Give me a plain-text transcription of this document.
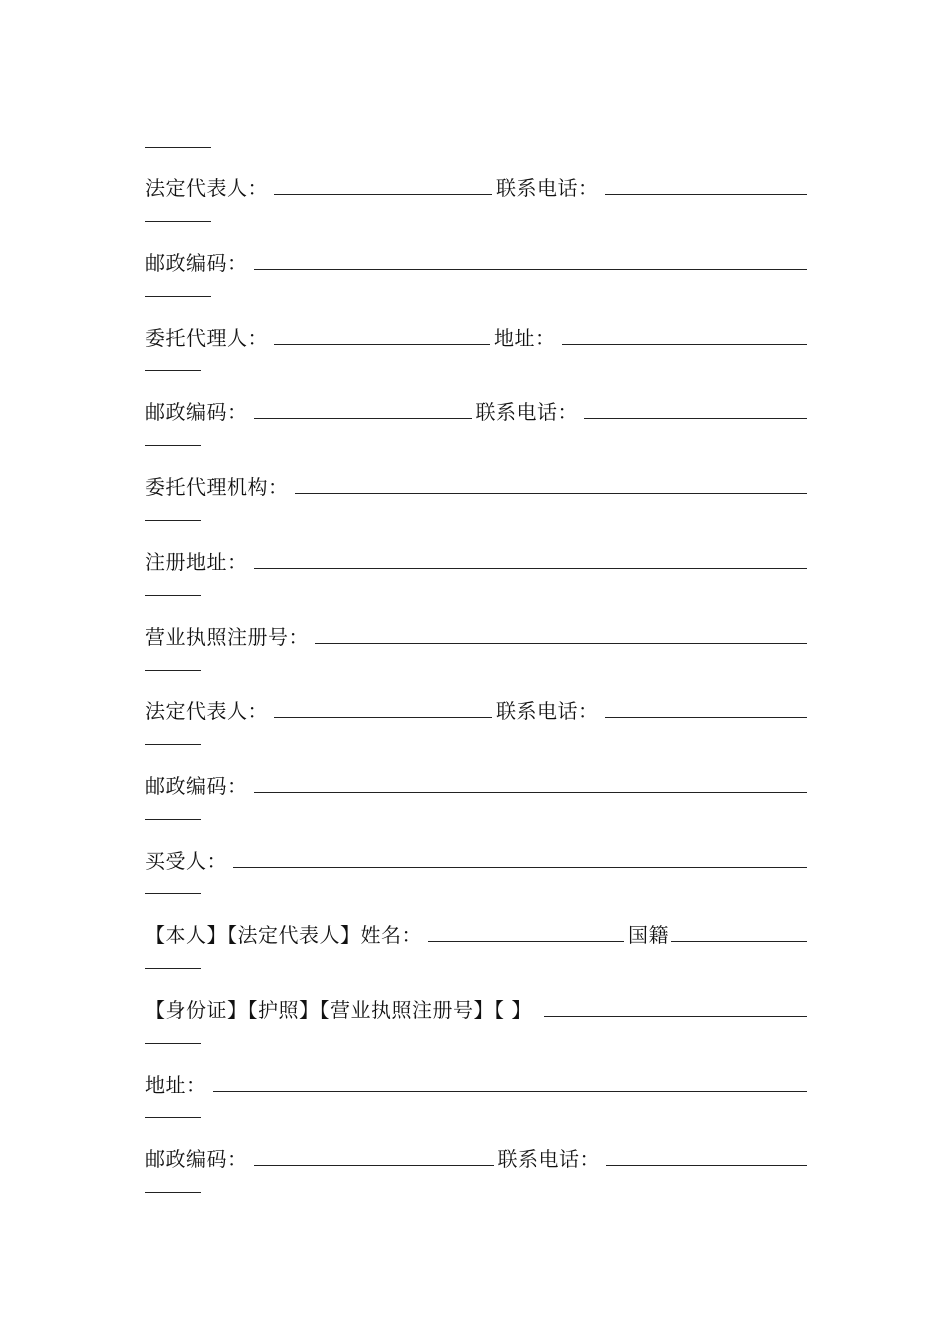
法定代表人：	联系电话：
邮政编码：
委托代理人：	地址：
邮政编码：	联系电话：
委托代理机构：
注册地址：
营业执照注册号：
法定代表人：	联系电话：
邮政编码：
买受人：
【本人】【法定代表人】姓名：	国籍
【身份证】【护照】【营业执照注册号】【 】
地址：
邮政编码：	联系电话：
